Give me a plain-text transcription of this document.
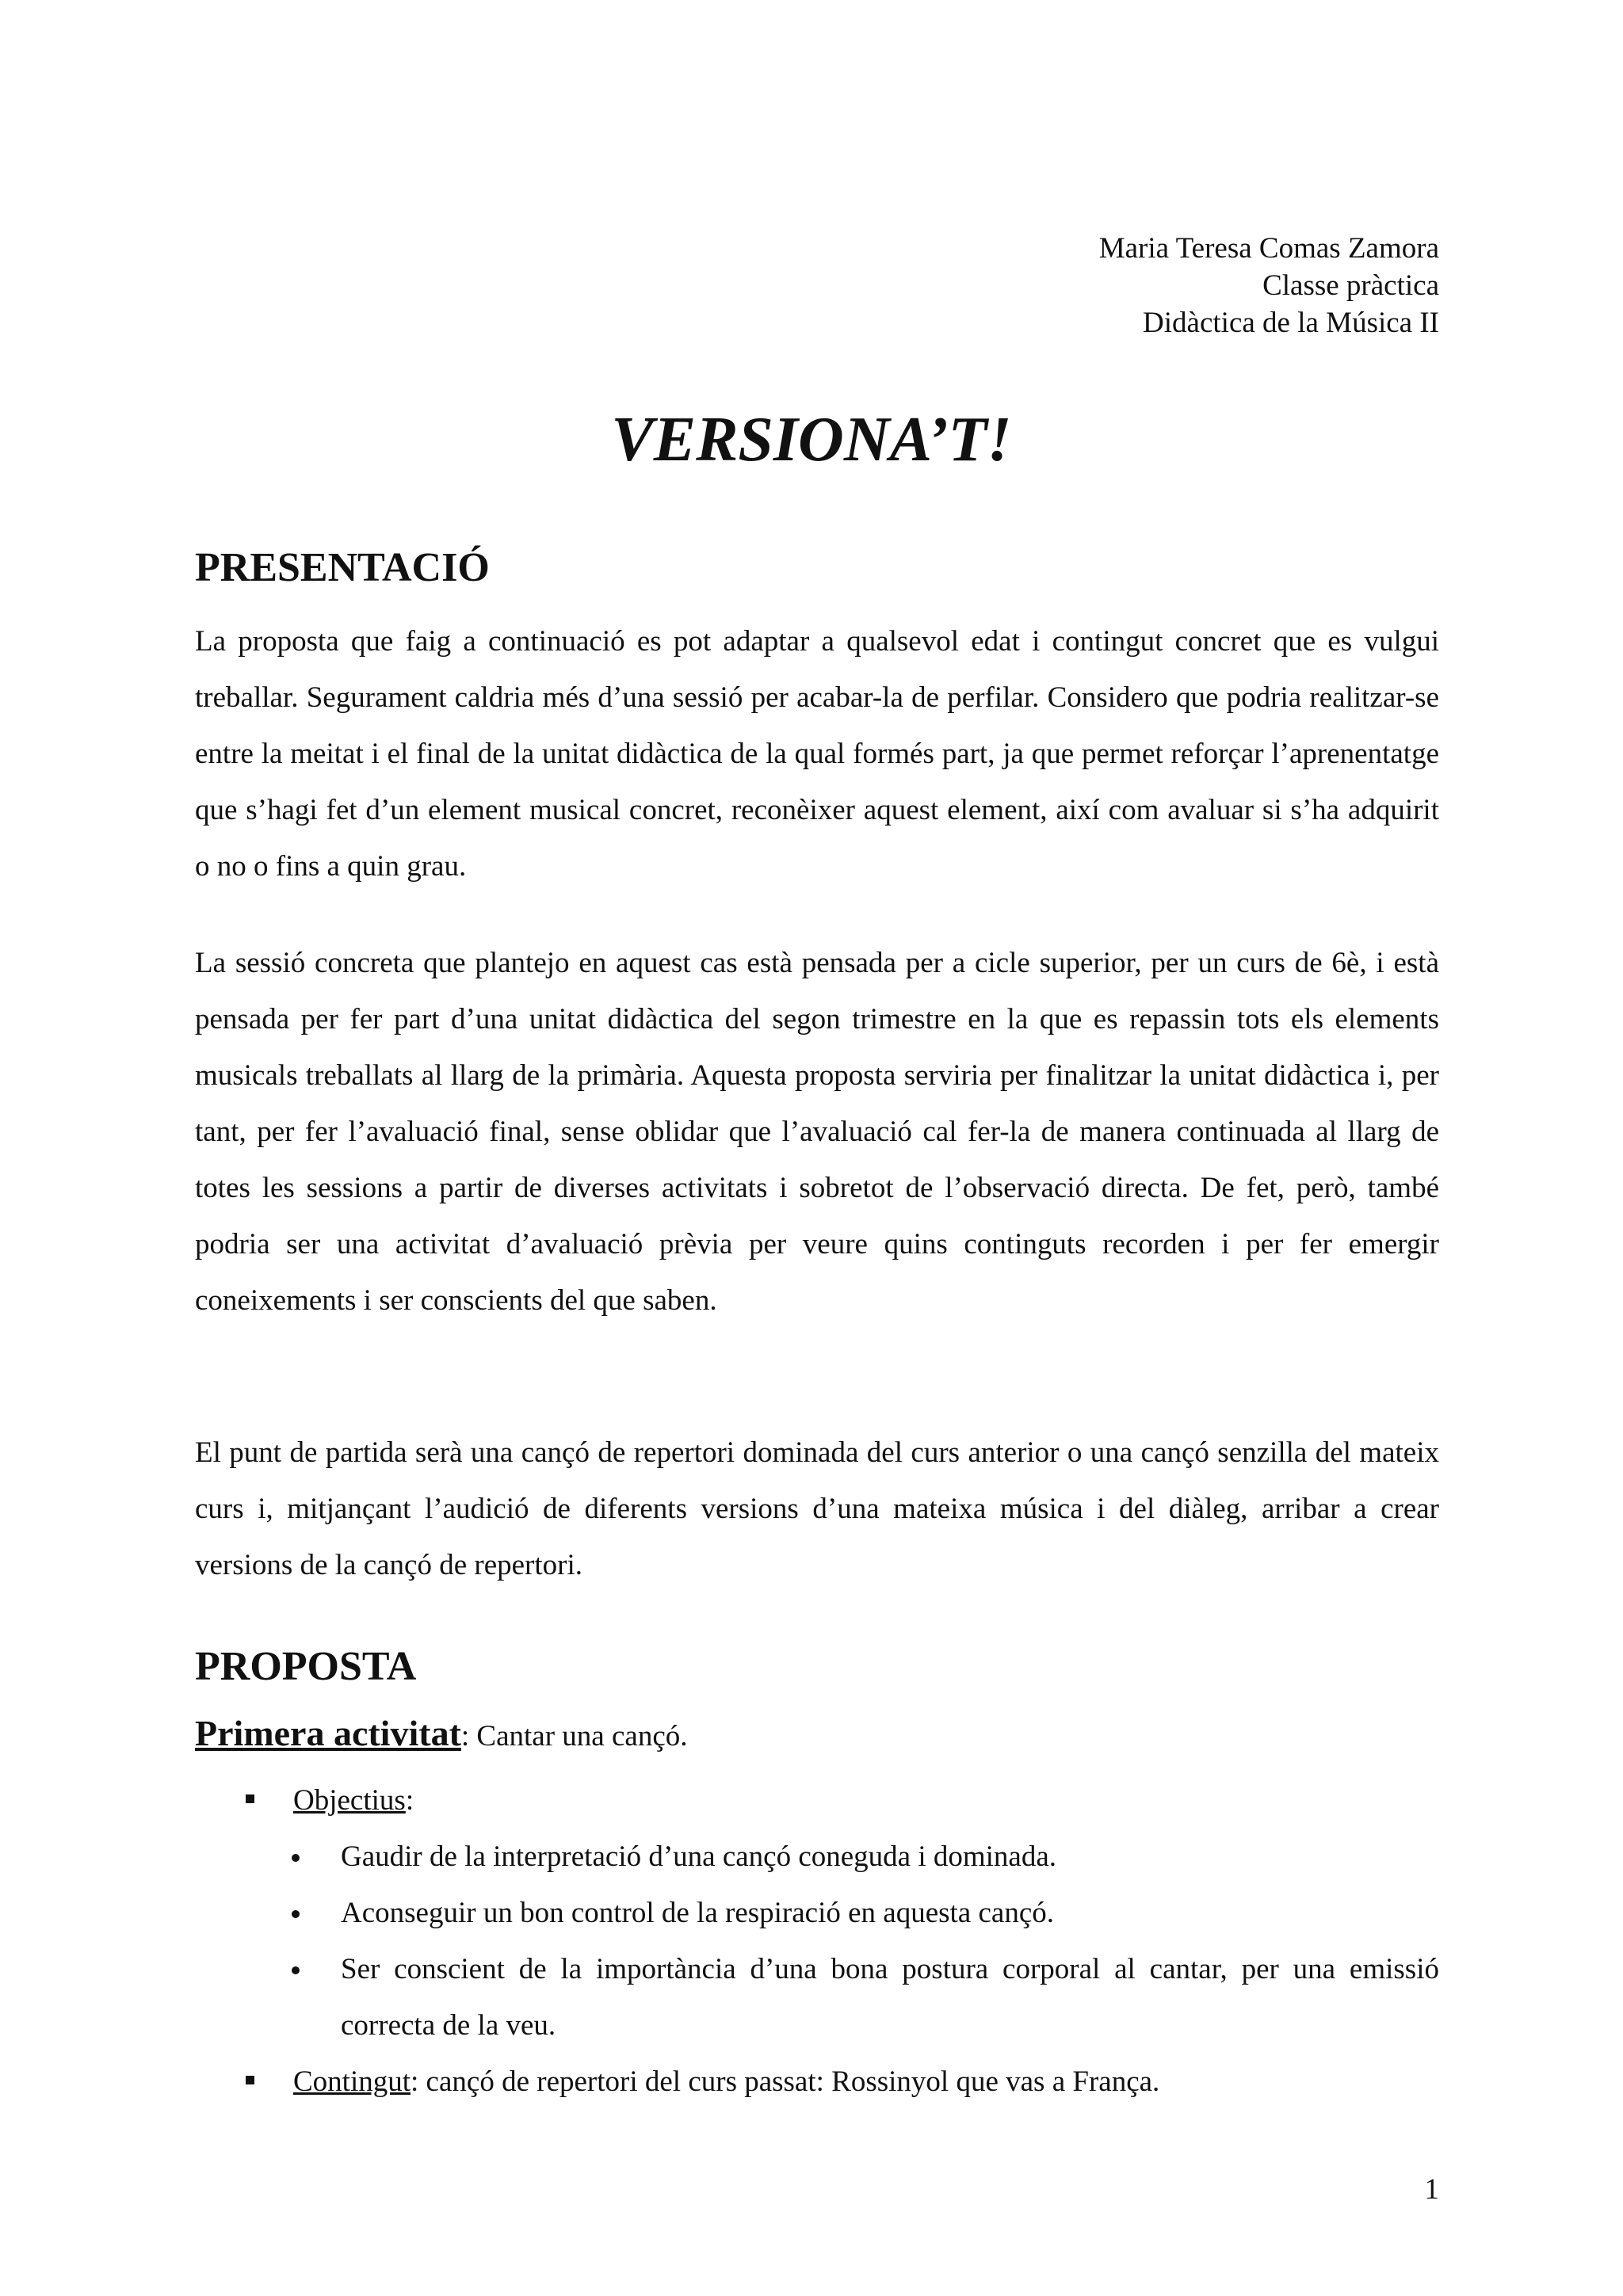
Maria Teresa Comas Zamora
Classe pràctica
Didàctica de la Música II
VERSIONA’T!
PRESENTACIÓ

La proposta que faig a continuació es pot adaptar a qualsevol edat i contingut concret que es vulgui treballar. Segurament caldria més d’una sessió per acabar-la de perfilar. Considero que podria realitzar-se entre la meitat i el final de la unitat didàctica de la qual formés part, ja que permet reforçar l’aprenentatge que s’hagi fet d’un element musical concret, reconèixer aquest element, així com avaluar si s’ha adquirit o no o fins a quin grau.

La sessió concreta que plantejo en aquest cas està pensada per a cicle superior, per un curs de 6è, i està pensada per fer part d’una unitat didàctica del segon trimestre en la que es repassin tots els elements musicals treballats al llarg de la primària. Aquesta proposta serviria per finalitzar la unitat didàctica i, per tant, per fer l’avaluació final, sense oblidar que l’avaluació cal fer-la de manera continuada al llarg de totes les sessions a partir de diverses activitats i sobretot de l’observació directa. De fet, però, també podria ser una activitat d’avaluació prèvia per veure quins continguts recorden i per fer emergir coneixements i ser conscients del que saben.

El punt de partida serà una cançó de repertori dominada del curs anterior o una cançó senzilla del mateix curs i, mitjançant l’audició de diferents versions d’una mateixa música i del diàleg, arribar a crear versions de la cançó de repertori.

PROPOSTA
Primera activitat: Cantar una cançó.
Objectius:
Gaudir de la interpretació d’una cançó coneguda i dominada.
Aconseguir un bon control de la respiració en aquesta cançó.
Ser conscient de la importància d’una bona postura corporal al cantar, per una emissió correcta de la veu.
Contingut: cançó de repertori del curs passat: Rossinyol que vas a França.
1
